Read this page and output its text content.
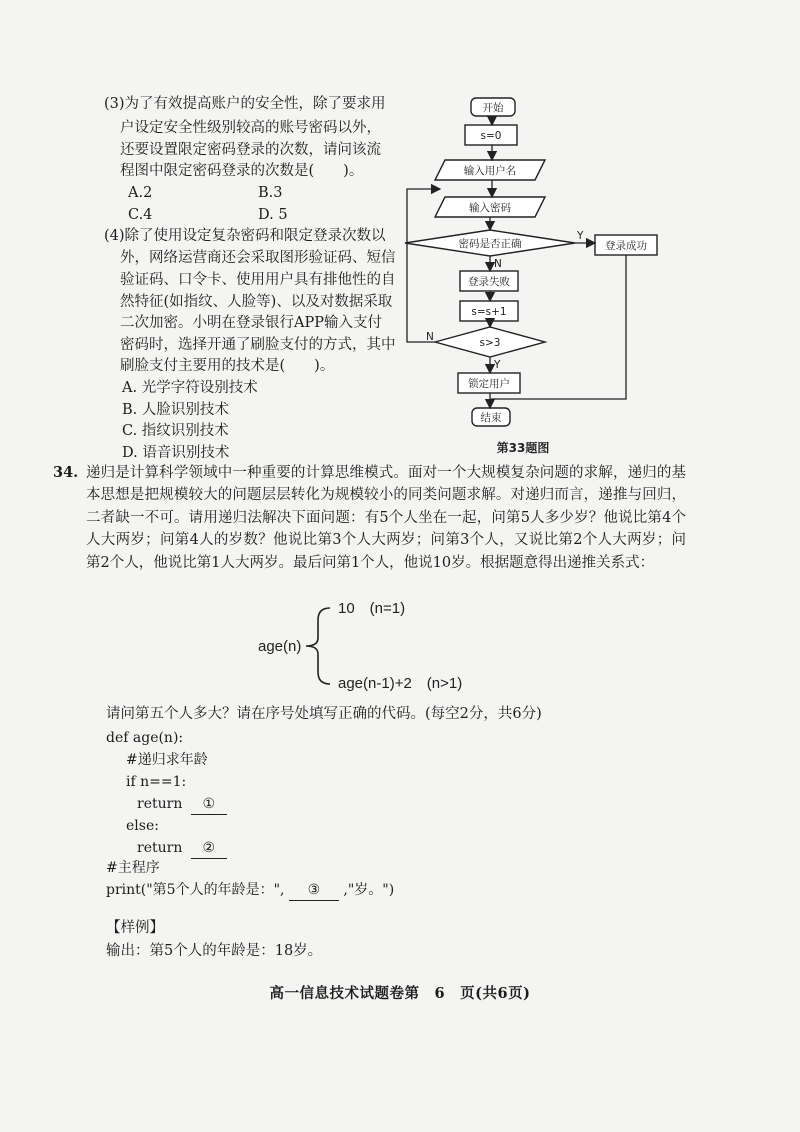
(3)为了有效提高账户的安全性，除了要求用
户设定安全性级别较高的账号密码以外，
还要设置限定密码登录的次数，请问该流
程图中限定密码登录的次数是(　　)。
A.2	B.3
C.4	D. 5
(4)除了使用设定复杂密码和限定登录次数以
外，网络运营商还会采取图形验证码、短信
验证码、口令卡、使用用户具有排他性的自
然特征(如指纹、人脸等)、以及对数据采取
二次加密。小明在登录银行APP输入支付
密码时，选择开通了刷脸支付的方式，其中
刷脸支付主要用的技术是(　　)。
A. 光学字符设别技术
B. 人脸识别技术
C. 指纹识别技术
D. 语音识别技术
开始
s=0
输入用户名
输入密码
密码是否正确
Y
登录成功
N
登录失败
s=s+1
N	s>3
Y
锁定用户
结束
第33题图
34. 递归是计算科学领域中一种重要的计算思维模式。面对一个大规模复杂问题的求解，递归的基本思想是把规模较大的问题层层转化为规模较小的同类问题求解。对递归而言，递推与回归，二者缺一不可。请用递归法解决下面问题：有5个人坐在一起，问第5人多少岁？他说比第4个人大两岁；问第4人的岁数？他说比第3个人大两岁；问第3个人，又说比第2个人大两岁；问第2个人，他说比第1人大两岁。最后问第1个人，他说10岁。根据题意得出递推关系式：
age(n)
10　(n=1)
age(n-1)+2　(n>1)
请问第五个人多大？请在序号处填写正确的代码。(每空2分，共6分)
def age(n):
#递归求年龄
if n==1:
return ①
else:
return ②
#主程序
print("第5个人的年龄是：", ③ ,"岁。")
【样例】
输出：第5个人的年龄是：18岁。
高一信息技术试题卷第　6　页(共6页)
